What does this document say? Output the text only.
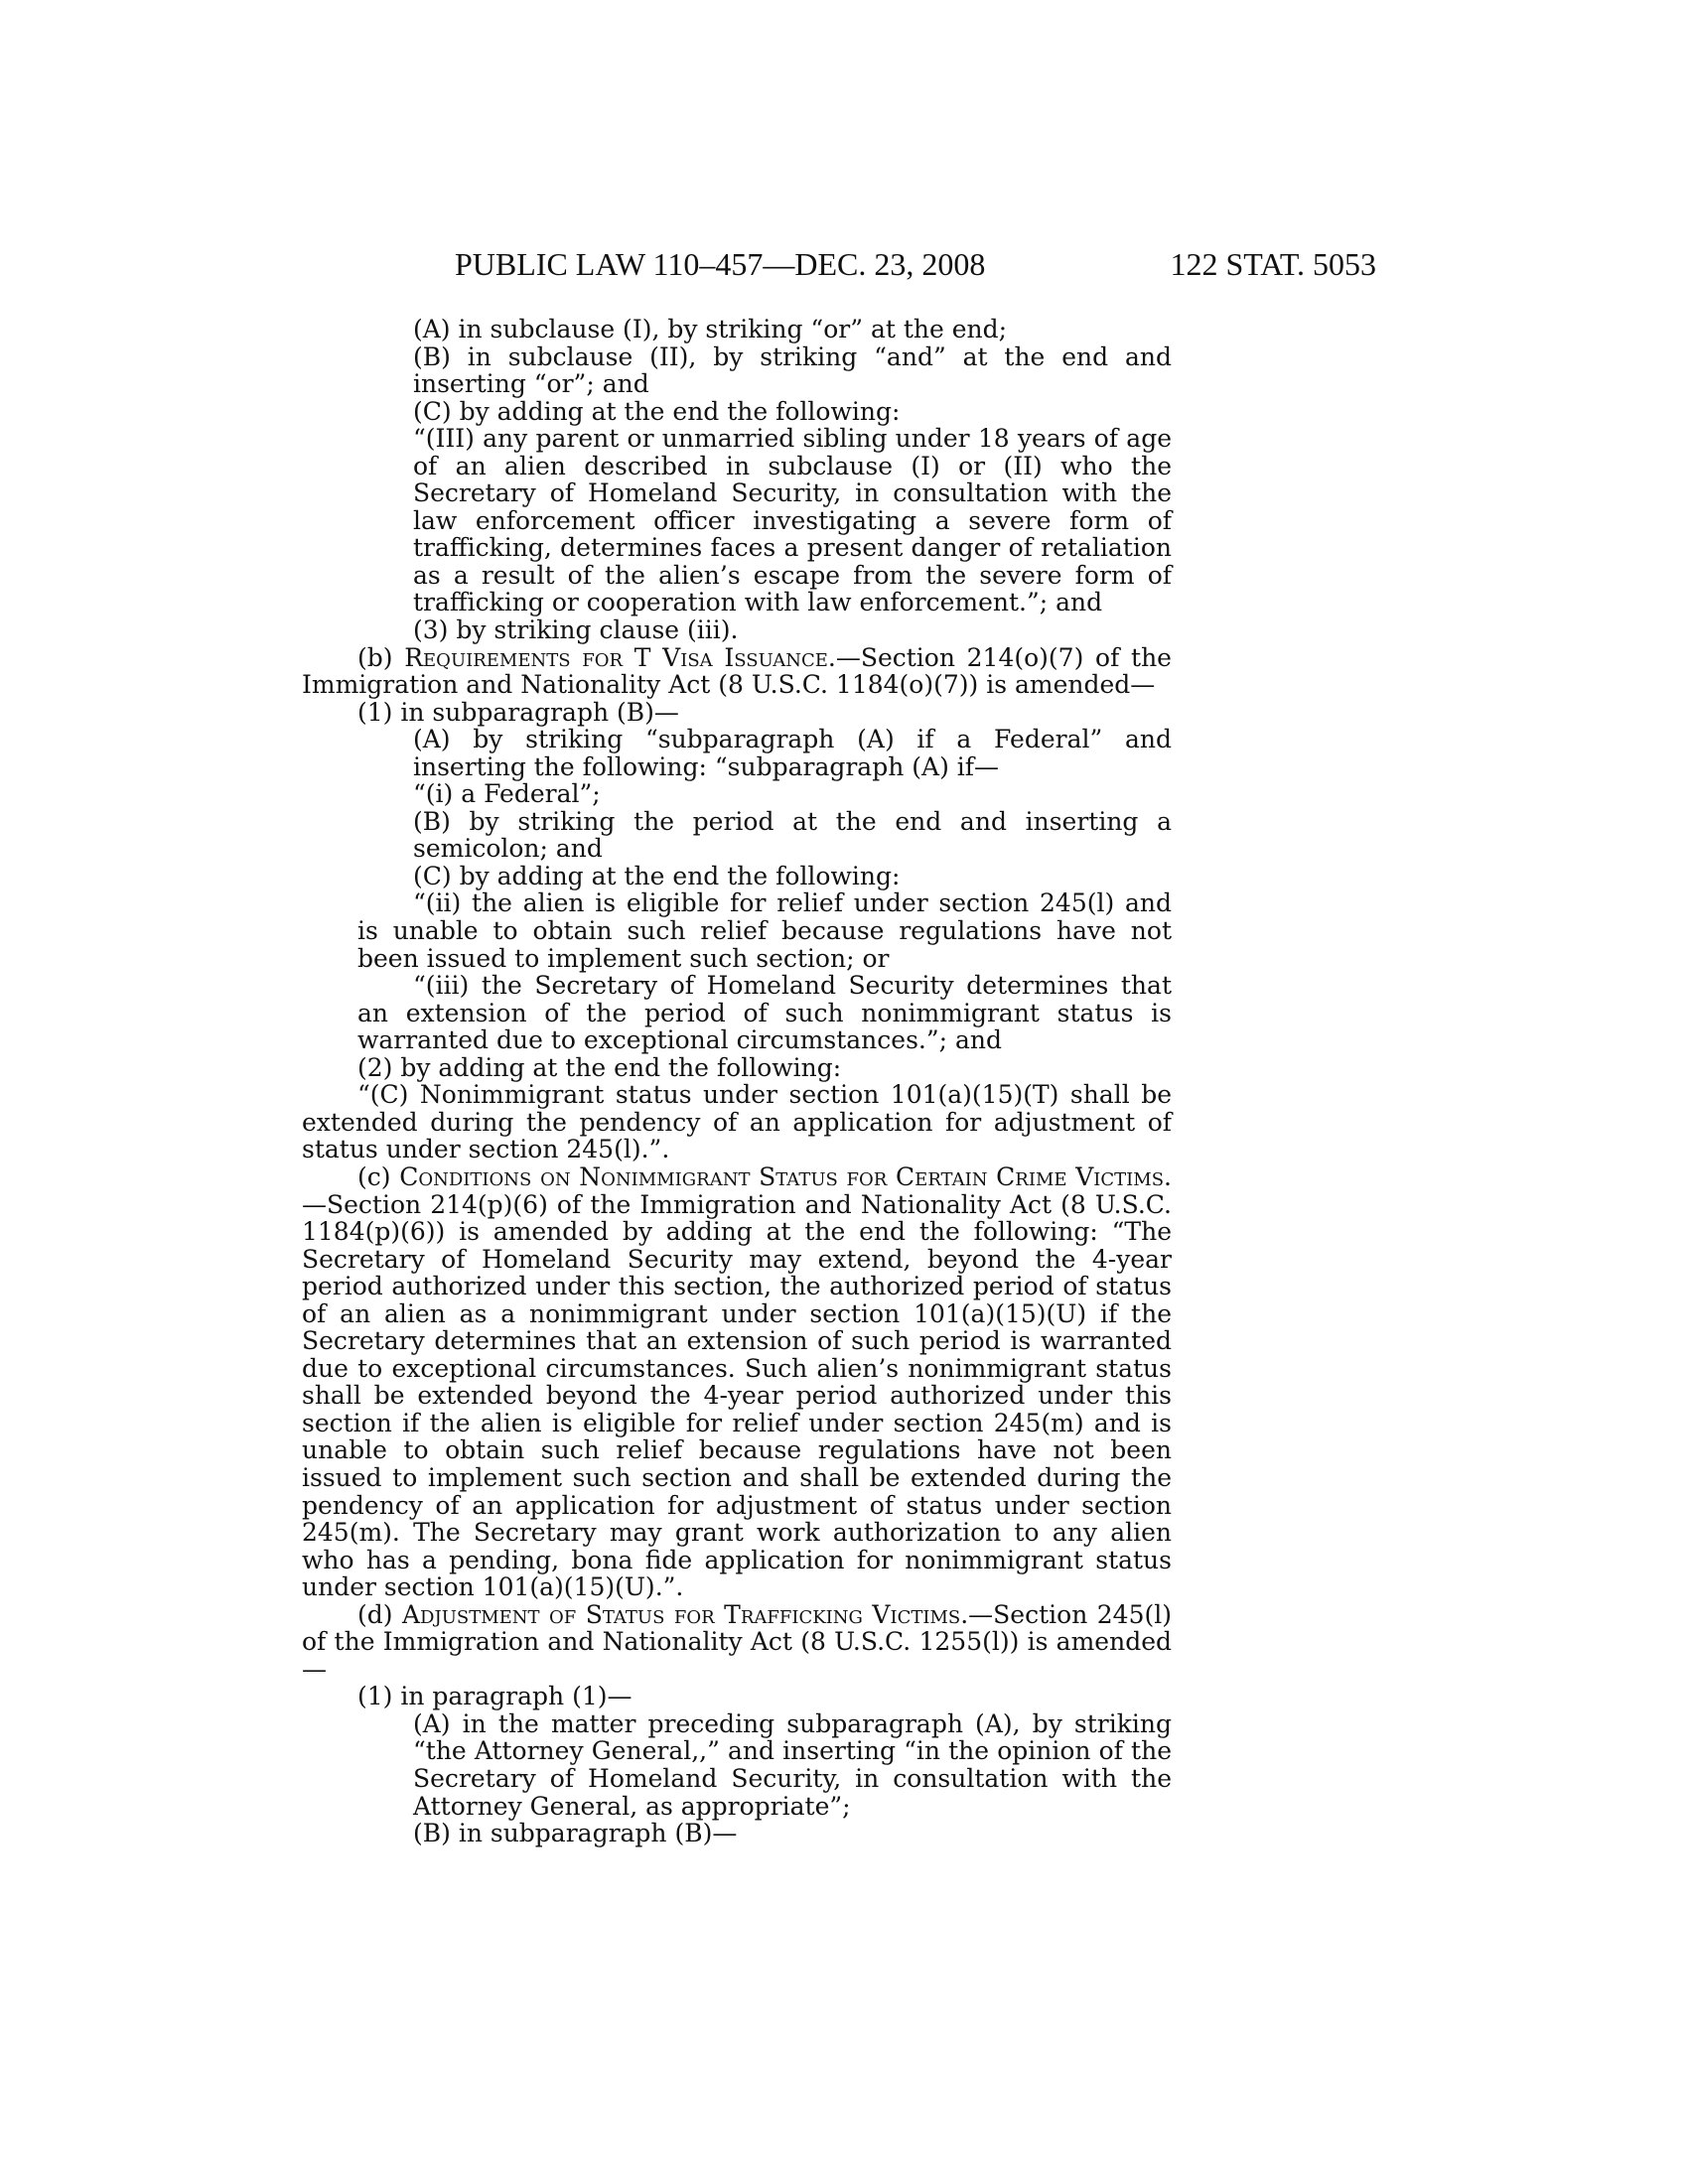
PUBLIC LAW 110–457—DEC. 23, 2008	122 STAT. 5053

(A) in subclause (I), by striking “or” at the end;

(B) in subclause (II), by striking “and” at the end and inserting “or”; and

(C) by adding at the end the following:

“(III) any parent or unmarried sibling under 18 years of age of an alien described in subclause (I) or (II) who the Secretary of Homeland Security, in consultation with the law enforcement officer investigating a severe form of trafficking, determines faces a present danger of retaliation as a result of the alien’s escape from the severe form of trafficking or cooperation with law enforcement.”; and

(3) by striking clause (iii).

(b) Requirements for T Visa Issuance.—Section 214(o)(7) of the Immigration and Nationality Act (8 U.S.C. 1184(o)(7)) is amended—

(1) in subparagraph (B)—

(A) by striking “subparagraph (A) if a Federal” and inserting the following: “subparagraph (A) if—

“(i) a Federal”;

(B) by striking the period at the end and inserting a semicolon; and

(C) by adding at the end the following:

“(ii) the alien is eligible for relief under section 245(l) and is unable to obtain such relief because regulations have not been issued to implement such section; or

“(iii) the Secretary of Homeland Security determines that an extension of the period of such nonimmigrant status is warranted due to exceptional circumstances.”; and

(2) by adding at the end the following:

“(C) Nonimmigrant status under section 101(a)(15)(T) shall be extended during the pendency of an application for adjustment of status under section 245(l).”.

(c) Conditions on Nonimmigrant Status for Certain Crime Victims.—Section 214(p)(6) of the Immigration and Nationality Act (8 U.S.C. 1184(p)(6)) is amended by adding at the end the following: “The Secretary of Homeland Security may extend, beyond the 4-year period authorized under this section, the authorized period of status of an alien as a nonimmigrant under section 101(a)(15)(U) if the Secretary determines that an extension of such period is warranted due to exceptional circumstances. Such alien’s nonimmigrant status shall be extended beyond the 4-year period authorized under this section if the alien is eligible for relief under section 245(m) and is unable to obtain such relief because regulations have not been issued to implement such section and shall be extended during the pendency of an application for adjustment of status under section 245(m). The Secretary may grant work authorization to any alien who has a pending, bona fide application for nonimmigrant status under section 101(a)(15)(U).”.

(d) Adjustment of Status for Trafficking Victims.—Section 245(l) of the Immigration and Nationality Act (8 U.S.C. 1255(l)) is amended—

(1) in paragraph (1)—

(A) in the matter preceding subparagraph (A), by striking “the Attorney General,,” and inserting “in the opinion of the Secretary of Homeland Security, in consultation with the Attorney General, as appropriate”;

(B) in subparagraph (B)—
